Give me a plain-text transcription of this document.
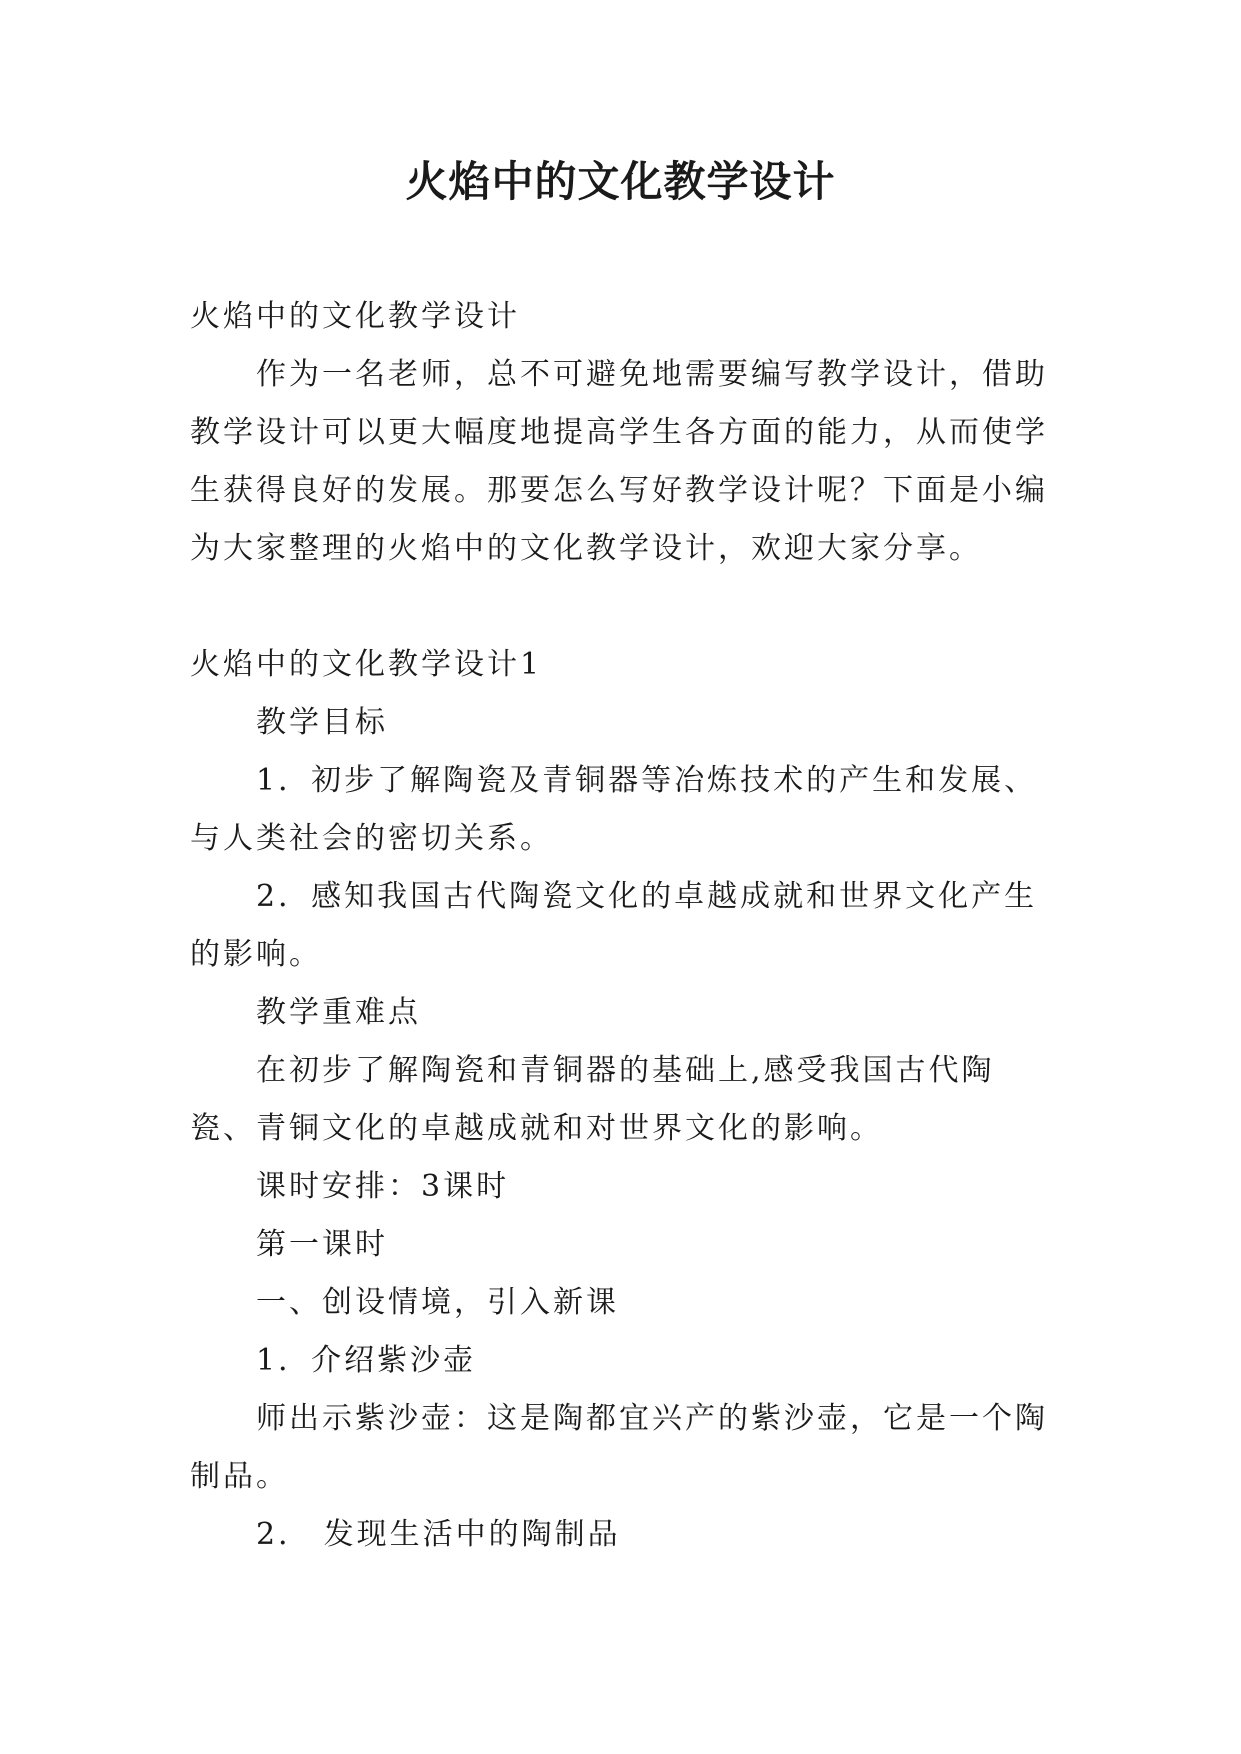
火焰中的文化教学设计

火焰中的文化教学设计

作为一名老师，总不可避免地需要编写教学设计，借助教学设计可以更大幅度地提高学生各方面的能力，从而使学生获得良好的发展。那要怎么写好教学设计呢？下面是小编为大家整理的火焰中的文化教学设计，欢迎大家分享。

火焰中的文化教学设计1

教学目标

1．初步了解陶瓷及青铜器等冶炼技术的产生和发展、与人类社会的密切关系。

2．感知我国古代陶瓷文化的卓越成就和世界文化产生的影响。

教学重难点

在初步了解陶瓷和青铜器的基础上,感受我国古代陶瓷、青铜文化的卓越成就和对世界文化的影响。

课时安排：3课时

第一课时

一、创设情境，引入新课

1．介绍紫沙壶

师出示紫沙壶：这是陶都宜兴产的紫沙壶，它是一个陶制品。

2． 发现生活中的陶制品
